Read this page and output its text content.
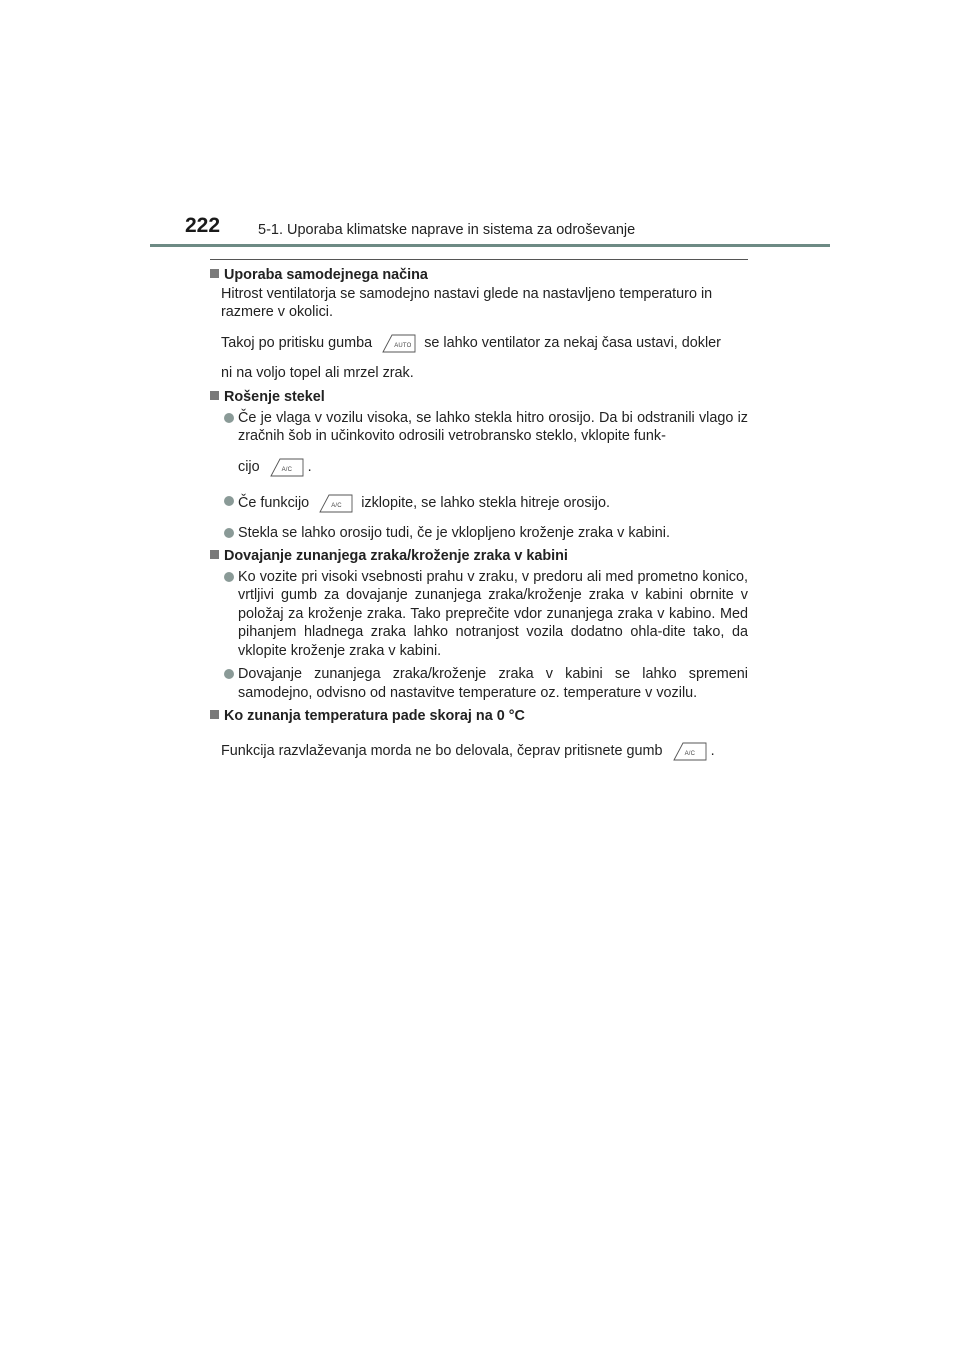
222	5-1. Uporaba klimatske naprave in sistema za odroševanje
Uporaba samodejnega načina

Hitrost ventilatorja se samodejno nastavi glede na nastavljeno temperaturo in razmere v okolici.

Takoj po pritisku gumba	AUTO se lahko ventilator za nekaj časa ustavi, dokler

ni na voljo topel ali mrzel zrak.

Rošenje stekel
Če je vlaga v vozilu visoka, se lahko stekla hitro orosijo. Da bi odstranili vlago iz zračnih šob in učinkovito odrosili vetrobransko steklo, vklopite funk-
cijo	A/C .
Če funkcijo	A/C izklopite, se lahko stekla hitreje orosijo.
Stekla se lahko orosijo tudi, če je vklopljeno kroženje zraka v kabini.
Dovajanje zunanjega zraka/kroženje zraka v kabini
Ko vozite pri visoki vsebnosti prahu v zraku, v predoru ali med prometno konico, vrtljivi gumb za dovajanje zunanjega zraka/kroženje zraka v kabini obrnite v položaj za kroženje zraka. Tako preprečite vdor zunanjega zraka v kabino. Med pihanjem hladnega zraka lahko notranjost vozila dodatno ohla-dite tako, da vklopite kroženje zraka v kabini.
Dovajanje zunanjega zraka/kroženje zraka v kabini se lahko spremeni samodejno, odvisno od nastavitve temperature oz. temperature v vozilu.
Ko zunanja temperatura pade skoraj na 0 °C

Funkcija razvlaževanja morda ne bo delovala, čeprav pritisnete gumb	A/C .
